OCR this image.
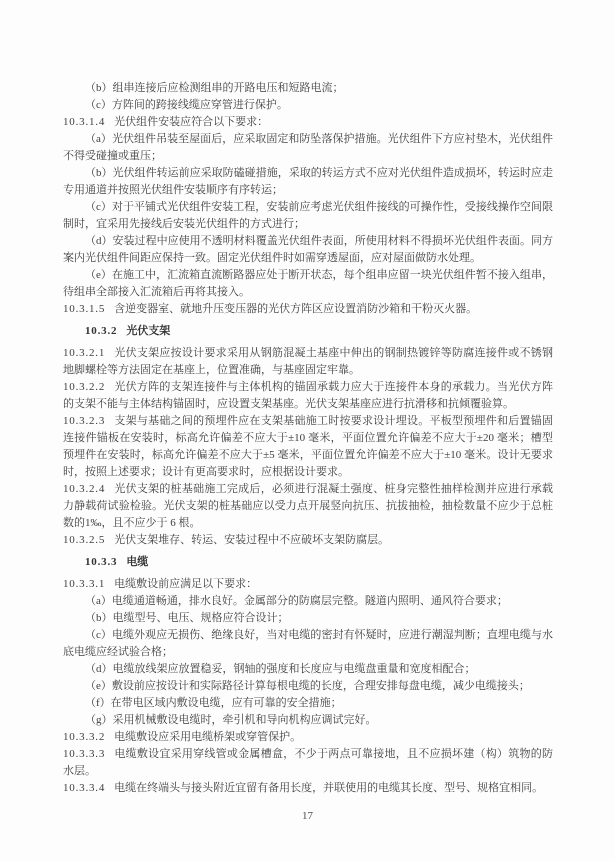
（b）组串连接后应检测组串的开路电压和短路电流；

（c）方阵间的跨接线缆应穿管进行保护。

10.3.1.4 光伏组件安装应符合以下要求：

（a）光伏组件吊装至屋面后，应采取固定和防坠落保护措施。光伏组件下方应衬垫木，光伏组件不得受碰撞或重压；

（b）光伏组件转运前应采取防磕碰措施，采取的转运方式不应对光伏组件造成损坏，转运时应走专用通道并按照光伏组件安装顺序有序转运；

（c）对于平铺式光伏组件安装工程，安装前应考虑光伏组件接线的可操作性，受接线操作空间限制时，宜采用先接线后安装光伏组件的方式进行；

（d）安装过程中应使用不透明材料覆盖光伏组件表面，所使用材料不得损坏光伏组件表面。同方案内光伏组件间距应保持一致。固定光伏组件时如需穿透屋面，应对屋面做防水处理。

（e）在施工中，汇流箱直流断路器应处于断开状态，每个组串应留一块光伏组件暂不接入组串，待组串全部接入汇流箱后再将其接入。

10.3.1.5 含逆变器室、就地升压变压器的光伏方阵区应设置消防沙箱和干粉灭火器。

10.3.2 光伏支架

10.3.2.1 光伏支架应按设计要求采用从钢筋混凝土基座中伸出的钢制热镀锌等防腐连接件或不锈钢地脚螺栓等方法固定在基座上，位置准确，与基座固定牢靠。

10.3.2.2 光伏方阵的支架连接件与主体机构的锚固承载力应大于连接件本身的承载力。当光伏方阵的支架不能与主体结构锚固时，应设置支架基座。光伏支架基座应进行抗滑移和抗倾覆验算。

10.3.2.3 支架与基础之间的预埋件应在支架基础施工时按要求设计埋设。平板型预埋件和后置锚固连接件锚板在安装时，标高允许偏差不应大于±10 毫米，平面位置允许偏差不应大于±20 毫米；槽型预埋件在安装时，标高允许偏差不应大于±5 毫米，平面位置允许偏差不应大于±10 毫米。设计无要求时，按照上述要求；设计有更高要求时，应根据设计要求。

10.3.2.4 光伏支架的桩基础施工完成后，必须进行混凝土强度、桩身完整性抽样检测并应进行承载力静载荷试验检验。光伏支架的桩基础应以受力点开展竖向抗压、抗拔抽检，抽检数量不应少于总桩数的1‰，且不应少于 6 根。

10.3.2.5 光伏支架堆存、转运、安装过程中不应破坏支架防腐层。

10.3.3 电缆

10.3.3.1 电缆敷设前应满足以下要求：

（a）电缆通道畅通，排水良好。金属部分的防腐层完整。隧道内照明、通风符合要求；

（b）电缆型号、电压、规格应符合设计；

（c）电缆外观应无损伤、绝缘良好，当对电缆的密封有怀疑时，应进行潮湿判断；直埋电缆与水底电缆应经试验合格；

（d）电缆放线架应放置稳妥，钢轴的强度和长度应与电缆盘重量和宽度相配合；

（e）敷设前应按设计和实际路径计算每根电缆的长度，合理安排每盘电缆，减少电缆接头；

（f）在带电区域内敷设电缆，应有可靠的安全措施；

（g）采用机械敷设电缆时，牵引机和导向机构应调试完好。

10.3.3.2 电缆敷设应采用电缆桥架或穿管保护。

10.3.3.3 电缆敷设宜采用穿线管或金属槽盒，不少于两点可靠接地，且不应损坏建（构）筑物的防水层。

10.3.3.4 电缆在终端头与接头附近宜留有备用长度，并联使用的电缆其长度、型号、规格宜相同。

17
